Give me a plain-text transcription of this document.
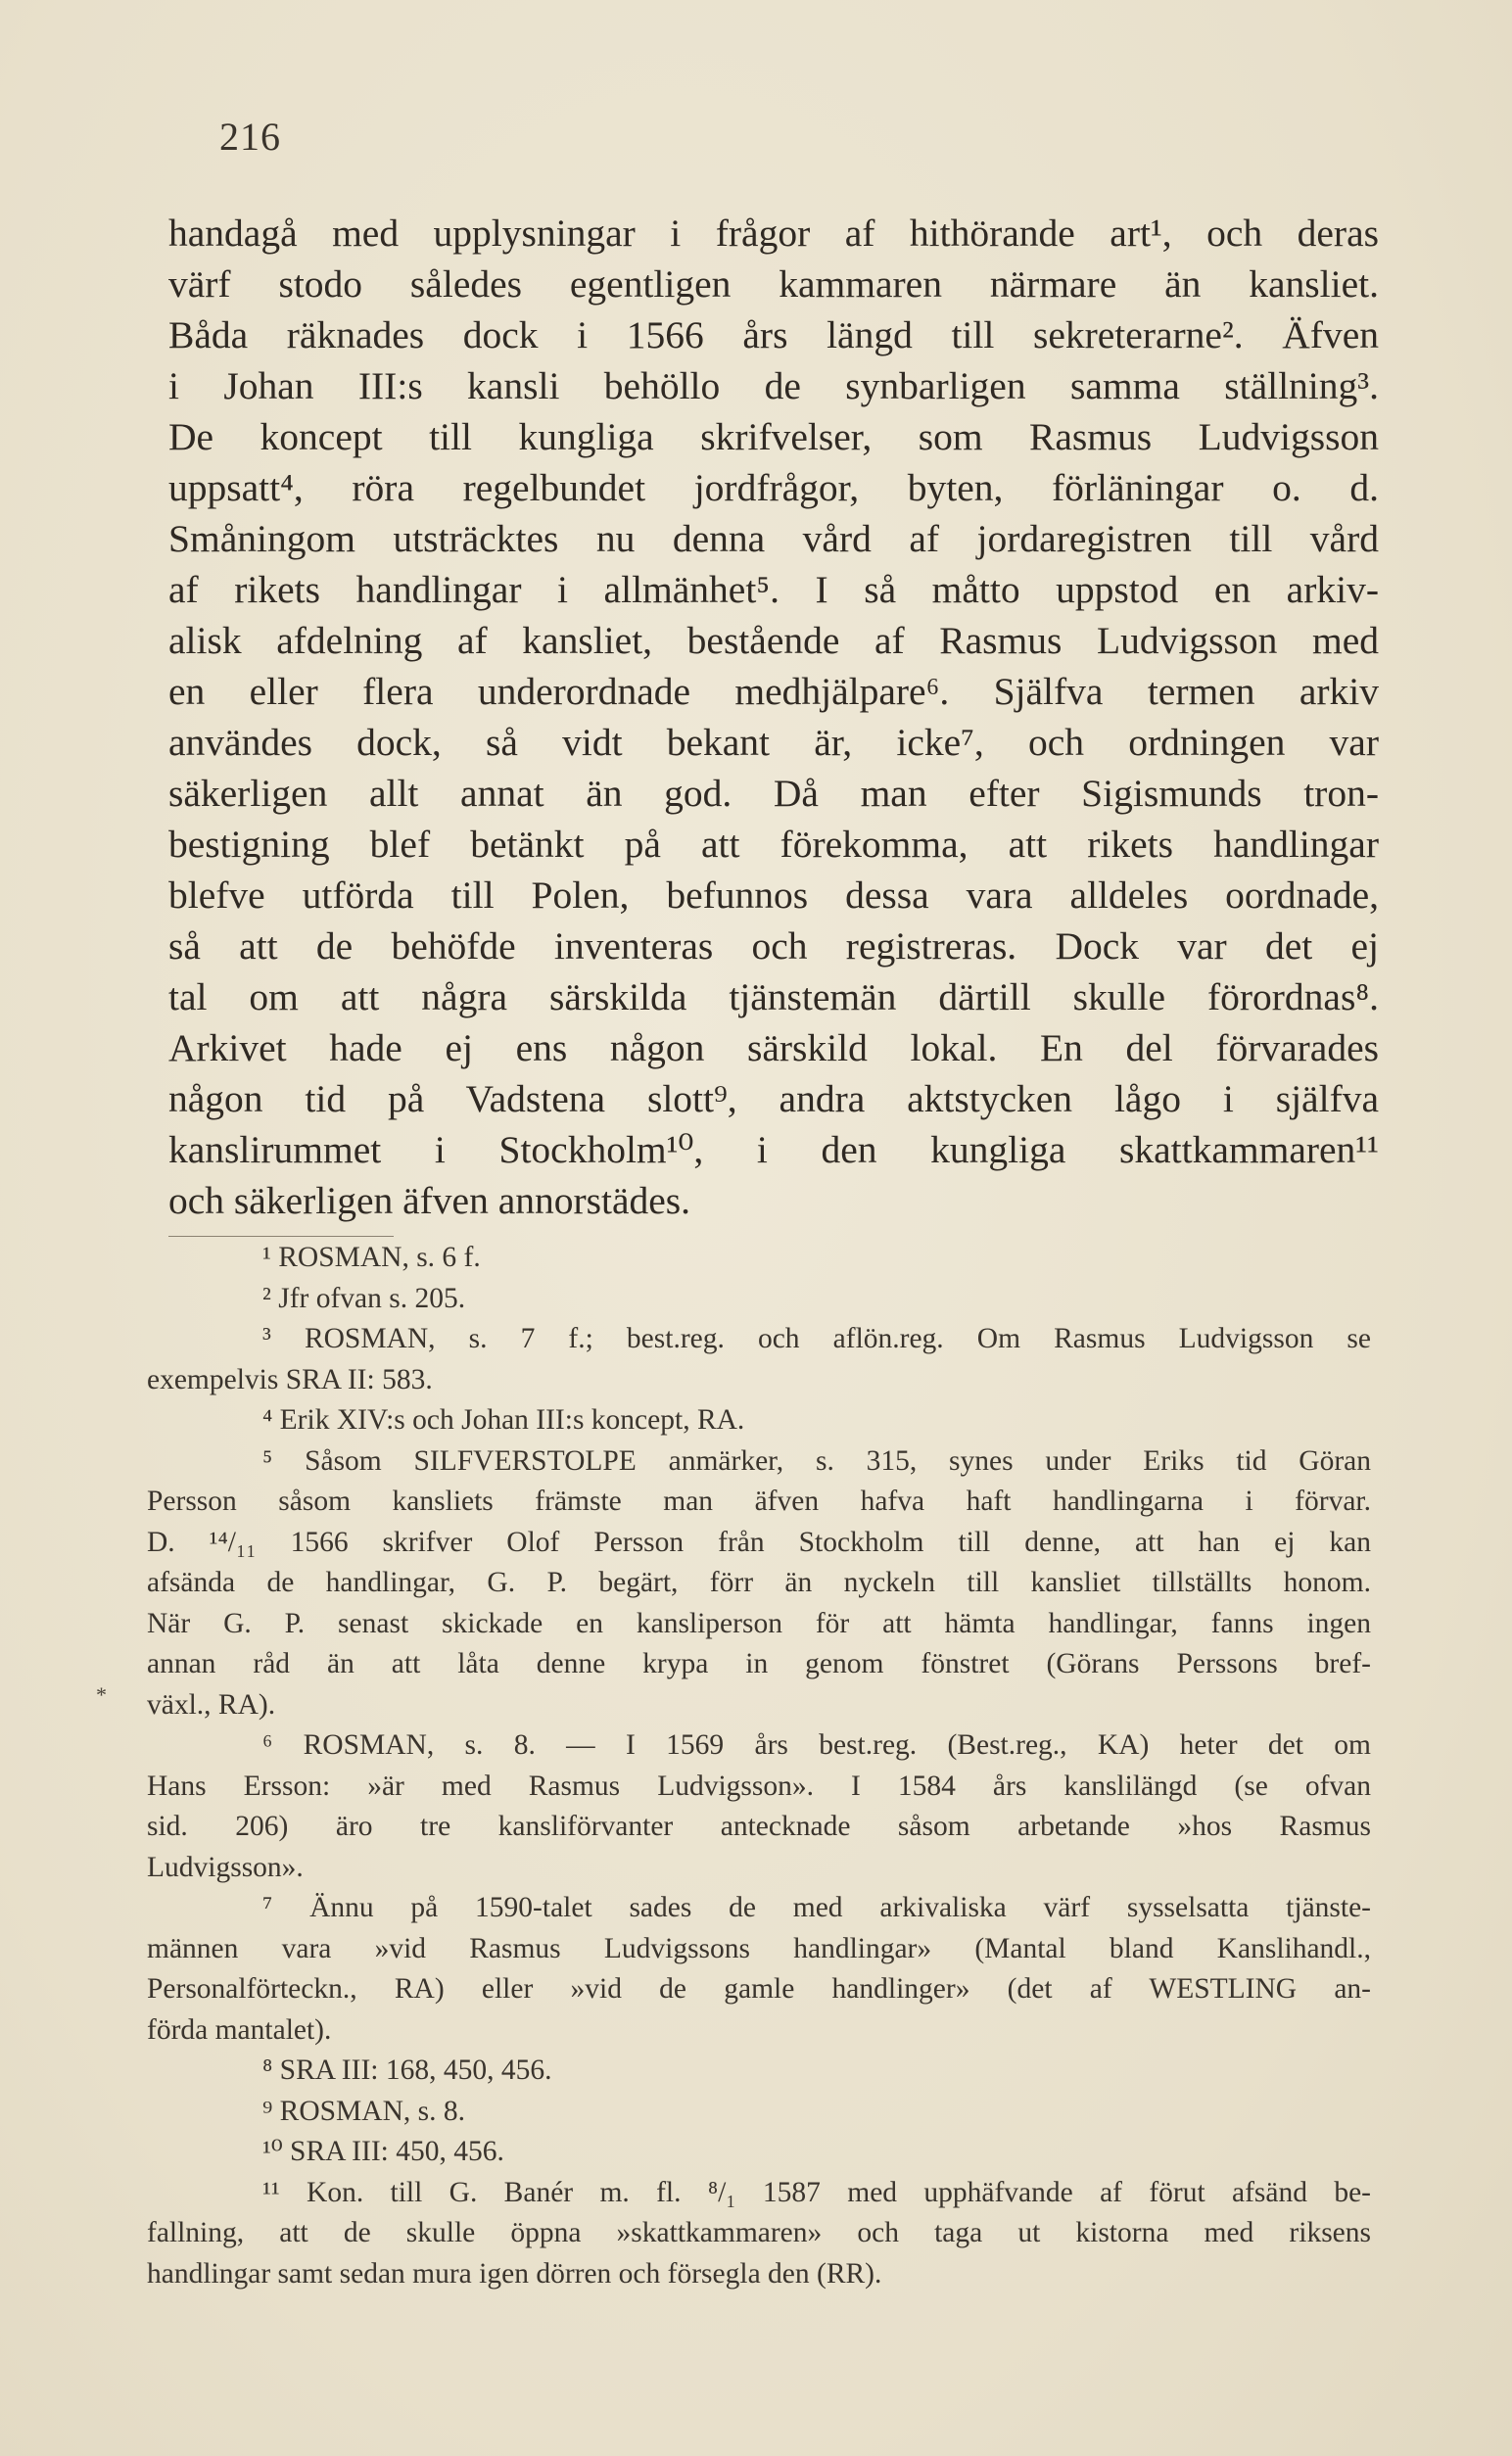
216
handagå med upplysningar i frågor af hithörande art¹, och deras
värf stodo således egentligen kammaren närmare än kansliet.
Båda räknades dock i 1566 års längd till sekreterarne². Äfven
i Johan III:s kansli behöllo de synbarligen samma ställning³.
De koncept till kungliga skrifvelser, som Rasmus Ludvigsson
uppsatt⁴, röra regelbundet jordfrågor, byten, förläningar o. d.
Småningom utsträcktes nu denna vård af jordaregistren till vård
af rikets handlingar i allmänhet⁵. I så måtto uppstod en arkiv-
alisk afdelning af kansliet, bestående af Rasmus Ludvigsson med
en eller flera underordnade medhjälpare⁶. Själfva termen arkiv
användes dock, så vidt bekant är, icke⁷, och ordningen var
säkerligen allt annat än god. Då man efter Sigismunds tron-
bestigning blef betänkt på att förekomma, att rikets handlingar
blefve utförda till Polen, befunnos dessa vara alldeles oordnade,
så att de behöfde inventeras och registreras. Dock var det ej
tal om att några särskilda tjänstemän därtill skulle förordnas⁸.
Arkivet hade ej ens någon särskild lokal. En del förvarades
någon tid på Vadstena slott⁹, andra aktstycken lågo i själfva
kanslirummet i Stockholm¹⁰, i den kungliga skattkammaren¹¹
och säkerligen äfven annorstädes.
¹ ROSMAN, s. 6 f.
² Jfr ofvan s. 205.
³ ROSMAN, s. 7 f.; best.reg. och aflön.reg. Om Rasmus Ludvigsson se
exempelvis SRA II: 583.
⁴ Erik XIV:s och Johan III:s koncept, RA.
⁵ Såsom SILFVERSTOLPE anmärker, s. 315, synes under Eriks tid Göran
Persson såsom kansliets främste man äfven hafva haft handlingarna i förvar.
D. ¹⁴/₁₁ 1566 skrifver Olof Persson från Stockholm till denne, att han ej kan
afsända de handlingar, G. P. begärt, förr än nyckeln till kansliet tillställts honom.
När G. P. senast skickade en kansliperson för att hämta handlingar, fanns ingen
annan råd än att låta denne krypa in genom fönstret (Görans Perssons bref-
växl., RA).
⁶ ROSMAN, s. 8. — I 1569 års best.reg. (Best.reg., KA) heter det om
Hans Ersson: »är med Rasmus Ludvigsson». I 1584 års kanslilängd (se ofvan
sid. 206) äro tre kansliförvanter antecknade såsom arbetande »hos Rasmus
Ludvigsson».
⁷ Ännu på 1590-talet sades de med arkivaliska värf sysselsatta tjänste-
männen vara »vid Rasmus Ludvigssons handlingar» (Mantal bland Kanslihandl.,
Personalförteckn., RA) eller »vid de gamle handlinger» (det af WESTLING an-
förda mantalet).
⁸ SRA III: 168, 450, 456.
⁹ ROSMAN, s. 8.
¹⁰ SRA III: 450, 456.
¹¹ Kon. till G. Banér m. fl. ⁸/₁ 1587 med upphäfvande af förut afsänd be-
fallning, att de skulle öppna »skattkammaren» och taga ut kistorna med riksens
handlingar samt sedan mura igen dörren och försegla den (RR).
*
